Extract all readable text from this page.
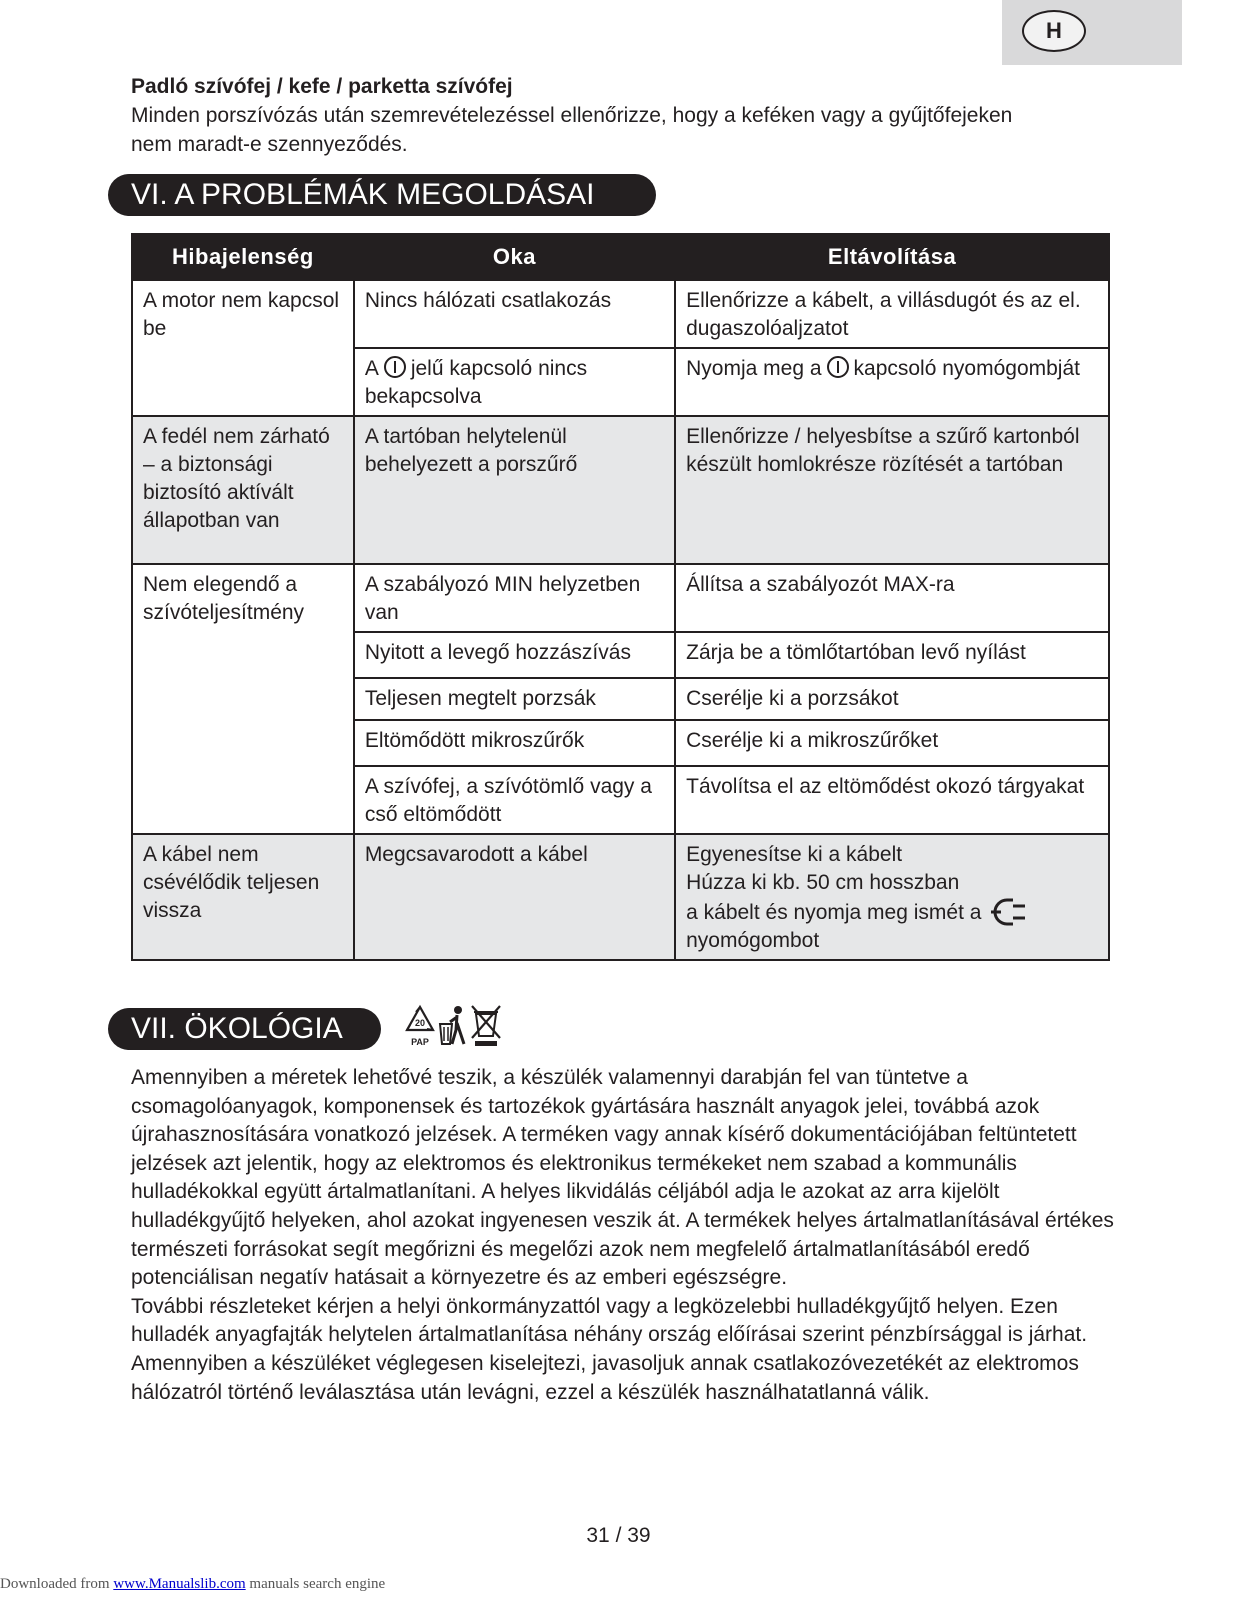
H
Padló szívófej / kefe / parketta szívófej
Minden porszívózás után szemrevételezéssel ellenőrizze, hogy a keféken vagy a gyűjtőfejeken nem maradt-e szennyeződés.
VI. A PROBLÉMÁK MEGOLDÁSAI
Hibajelenség	Oka	Eltávolítása
A motor nem kapcsol be	Nincs hálózati csatlakozás	Ellenőrizze a kábelt, a villásdugót és az el. dugaszolóaljzatot
	A jelű kapcsoló nincs bekapcsolva	Nyomja meg a kapcsoló nyomógombját
A fedél nem zárható – a biztonsági biztosító aktívált állapotban van	A tartóban helytelenül behelyezett a porszűrő	Ellenőrizze / helyesbítse a szűrő kartonból készült homlokrésze rözítését a tartóban
Nem elegendő a szívóteljesítmény	A szabályozó MIN helyzetben van	Állítsa a szabályozót MAX-ra
	Nyitott a levegő hozzászívás	Zárja be a tömlőtartóban levő nyílást
	Teljesen megtelt porzsák	Cserélje ki a porzsákot
	Eltömődött mikroszűrők	Cserélje ki a mikroszűrőket
	A szívófej, a szívótömlő vagy a cső eltömődött	Távolítsa el az eltömődést okozó tárgyakat
A kábel nem csévélődik teljesen vissza	Megcsavarodott a kábel	Egyenesítse ki a kábelt
Húzza ki kb. 50 cm hosszban
a kábelt és nyomja meg ismét a
nyomógombot
VII. ÖKOLÓGIA	20
PAP

Amennyiben a méretek lehetővé teszik, a készülék valamennyi darabján fel van tüntetve a csomagolóanyagok, komponensek és tartozékok gyártására használt anyagok jelei, továbbá azok újrahasznosítására vonatkozó jelzések. A terméken vagy annak kísérő dokumentációjában feltüntetett jelzések azt jelentik, hogy az elektromos és elektronikus termékeket nem szabad a kommunális hulladékokkal együtt ártalmatlanítani. A helyes likvidálás céljából adja le azokat az arra kijelölt hulladékgyűjtő helyeken, ahol azokat ingyenesen veszik át. A termékek helyes ártalmatlanításával értékes természeti forrásokat segít megőrizni és megelőzi azok nem megfelelő ártalmatlanításából eredő potenciálisan negatív hatásait a környezetre és az emberi egészségre.

További részleteket kérjen a helyi önkormányzattól vagy a legközelebbi hulladékgyűjtő helyen. Ezen hulladék anyagfajták helytelen ártalmatlanítása néhány ország előírásai szerint pénzbírsággal is járhat. Amennyiben a készüléket véglegesen kiselejtezi, javasoljuk annak csatlakozóvezetékét az elektromos hálózatról történő leválasztása után levágni, ezzel a készülék használhatatlanná válik.

31 / 39
Downloaded from www.Manualslib.com manuals search engine
